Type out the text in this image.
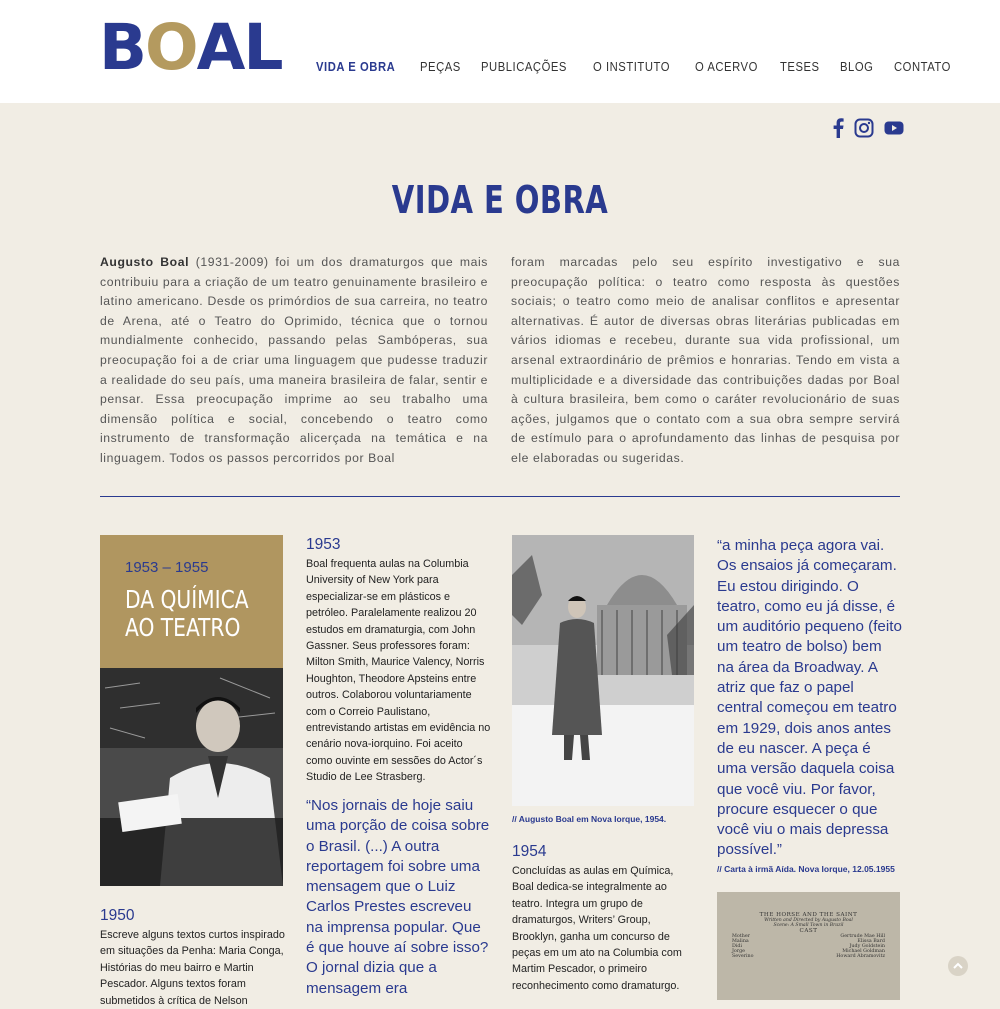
B O AL	VIDA E OBRA PEÇAS PUBLICAÇÕES O INSTITUTO O ACERVO TESES BLOG CONTATO
VIDA E OBRA

Augusto Boal (1931-2009) foi um dos dramaturgos que mais contribuiu para a criação de um teatro genuinamente brasileiro e latino americano. Desde os primórdios de sua carreira, no teatro de Arena, até o Teatro do Oprimido, técnica que o tornou mundialmente conhecido, passando pelas Sambóperas, sua preocupação foi a de criar uma linguagem que pudesse traduzir a realidade do seu país, uma maneira brasileira de falar, sentir e pensar. Essa preocupação imprime ao seu trabalho uma dimensão política e social, concebendo o teatro como instrumento de transformação alicerçada na temática e na linguagem. Todos os passos percorridos por Boal

foram marcadas pelo seu espírito investigativo e sua preocupação política: o teatro como resposta às questões sociais; o teatro como meio de analisar conflitos e apresentar alternativas. É autor de diversas obras literárias publicadas em vários idiomas e recebeu, durante sua vida profissional, um arsenal extraordinário de prêmios e honrarias. Tendo em vista a multiplicidade e a diversidade das contribuições dadas por Boal à cultura brasileira, bem como o caráter revolucionário de suas ações, julgamos que o contato com a sua obra sempre servirá de estímulo para o aprofundamento das linhas de pesquisa por ele elaboradas ou sugeridas.

1953 – 1955
DA QUÍMICA
AO TEATRO
1950
Escreve alguns textos curtos inspirado em situações da Penha: Maria Conga, Histórias do meu bairro e Martin Pescador. Alguns textos foram submetidos à crítica de Nelson
1953
Boal frequenta aulas na Columbia University of New York para especializar-se em plásticos e petróleo. Paralelamente realizou 20 estudos em dramaturgia, com John Gassner. Seus professores foram: Milton Smith, Maurice Valency, Norris Houghton, Theodore Apsteins entre outros. Colaborou voluntariamente com o Correio Paulistano, entrevistando artistas em evidência no cenário nova-iorquino. Foi aceito como ouvinte em sessões do Actor´s Studio de Lee Strasberg.
“Nos jornais de hoje saiu uma porção de coisa sobre o Brasil. (...) A outra reportagem foi sobre uma mensagem que o Luiz Carlos Prestes escreveu na imprensa popular. Que é que houve aí sobre isso? O jornal dizia que a mensagem era
// Augusto Boal em Nova Iorque, 1954.
1954
Concluídas as aulas em Química, Boal dedica-se integralmente ao teatro. Integra um grupo de dramaturgos, Writers’ Group, Brooklyn, ganha um concurso de peças em um ato na Columbia com Martim Pescador, o primeiro reconhecimento como dramaturgo.
“a minha peça agora vai. Os ensaios já começaram. Eu estou dirigindo. O teatro, como eu já disse, é um auditório pequeno (feito um teatro de bolso) bem na área da Broadway. A atriz que faz o papel central começou em teatro em 1929, dois anos antes de eu nascer. A peça é uma versão daquela coisa que você viu. Por favor, procure esquecer o que você viu o mais depressa possível.”
// Carta à irmã Aída. Nova Iorque, 12.05.1955
THE HORSE AND THE SAINT
Written and Directed by Augusto Boal
Scene: A Small Town in Brazil
CAST
Mother	Gertrude Mae Hill
Malina	Elissa Bard
Didi	Judy Goldstein
Jorge	Michael Goldman
Severino	Howard Abramovitz
